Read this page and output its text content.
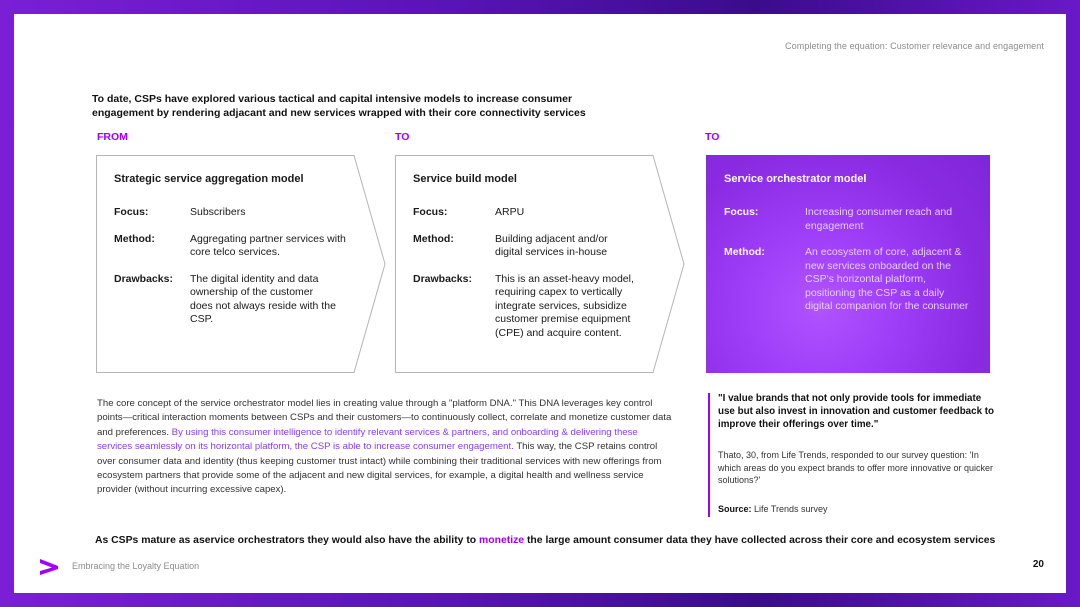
Completing the equation: Customer relevance and engagement
To date, CSPs have explored various tactical and capital intensive models to increase consumer engagement by rendering adjacant and new services wrapped with their core connectivity services
FROM	TO	TO
Strategic service aggregation model
Focus:	Subscribers
Method:	Aggregating partner services with core telco services.
Drawbacks:	The digital identity and data ownership of the customer does not always reside with the CSP.
Service build model
Focus:	ARPU
Method:	Building adjacent and/or digital services in-house
Drawbacks:	This is an asset-heavy model, requiring capex to vertically integrate services, subsidize customer premise equipment (CPE) and acquire content.
Service orchestrator model
Focus:	Increasing consumer reach and engagement
Method:	An ecosystem of core, adjacent & new services onboarded on the CSP's horizontal platform, positioning the CSP as a daily digital companion for the consumer
The core concept of the service orchestrator model lies in creating value through a "platform DNA." This DNA leverages key control points—critical interaction moments between CSPs and their customers—to continuously collect, correlate and monetize customer data and preferences. By using this consumer intelligence to identify relevant services & partners, and onboarding & delivering these services seamlessly on its horizontal platform, the CSP is able to increase consumer engagement. This way, the CSP retains control over consumer data and identity (thus keeping customer trust intact) while combining their traditional services with new offerings from ecosystem partners that provide some of the adjacent and new digital services, for example, a digital health and wellness service provider (without incurring excessive capex).
"I value brands that not only provide tools for immediate use but also invest in innovation and customer feedback to improve their offerings over time."
Thato, 30, from Life Trends, responded to our survey question: 'In which areas do you expect brands to offer more innovative or quicker solutions?'
Source: Life Trends survey
As CSPs mature as aservice orchestrators they would also have the ability to monetize the large amount consumer data they have collected across their core and ecosystem services
Embracing the Loyalty Equation	20
